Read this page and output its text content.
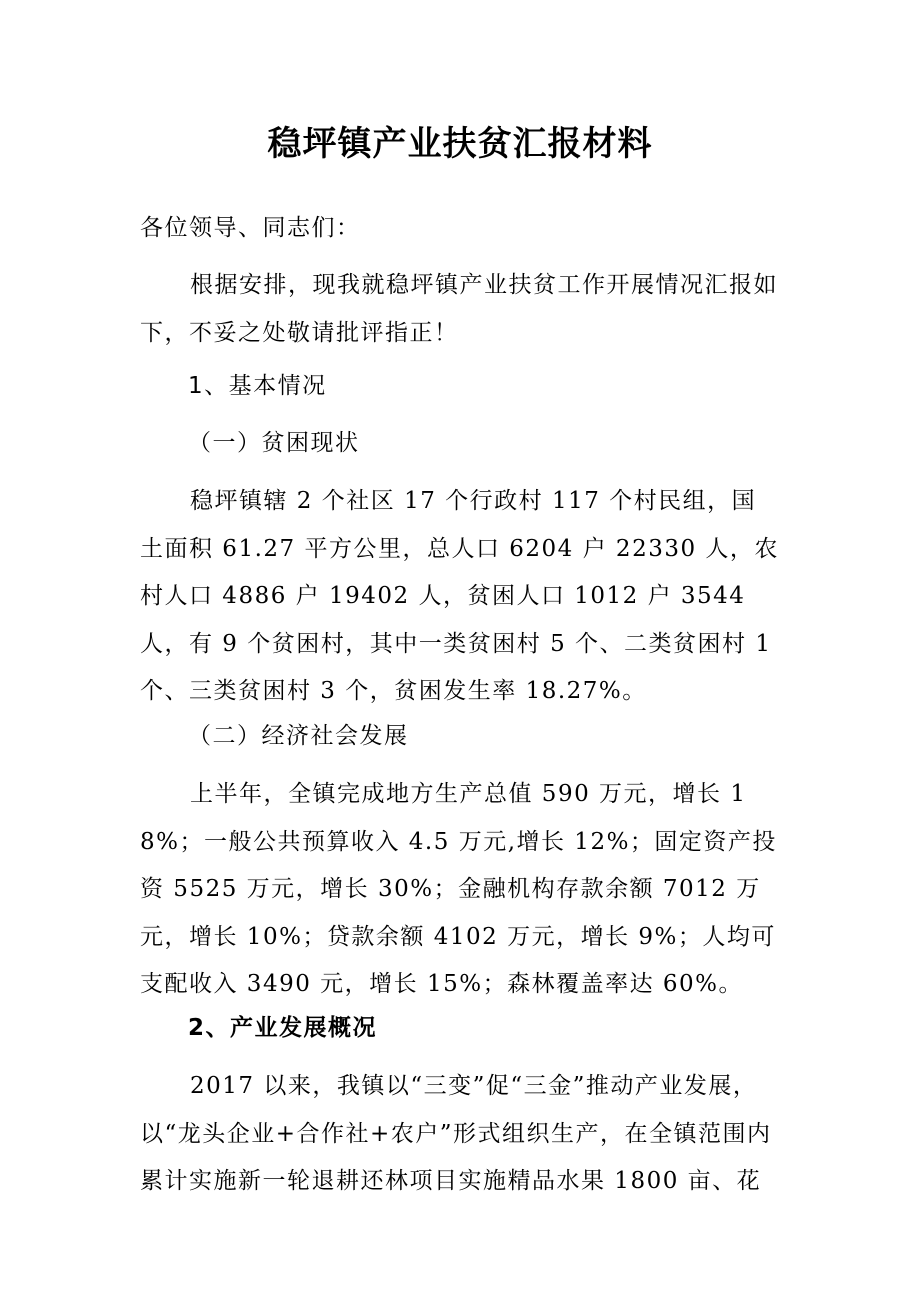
稳坪镇产业扶贫汇报材料

各位领导、同志们：

根据安排，现我就稳坪镇产业扶贫工作开展情况汇报如下，不妥之处敬请批评指正！

1、基本情况

（一）贫困现状

稳坪镇辖 2 个社区 17 个行政村 117 个村民组，国土面积 61.27 平方公里，总人口 6204 户 22330 人，农村人口 4886 户 19402 人，贫困人口 1012 户 3544 人，有 9 个贫困村，其中一类贫困村 5 个、二类贫困村 1 个、三类贫困村 3 个，贫困发生率 18.27%。

（二）经济社会发展

上半年，全镇完成地方生产总值 590 万元，增长 18%；一般公共预算收入 4.5 万元,增长 12%；固定资产投资 5525 万元，增长 30%；金融机构存款余额 7012 万元，增长 10%；贷款余额 4102 万元，增长 9%；人均可支配收入 3490 元，增长 15%；森林覆盖率达 60%。

2、产业发展概况

2017 以来，我镇以“三变”促“三金”推动产业发展，以“龙头企业+合作社+农户”形式组织生产，在全镇范围内累计实施新一轮退耕还林项目实施精品水果 1800 亩、花
